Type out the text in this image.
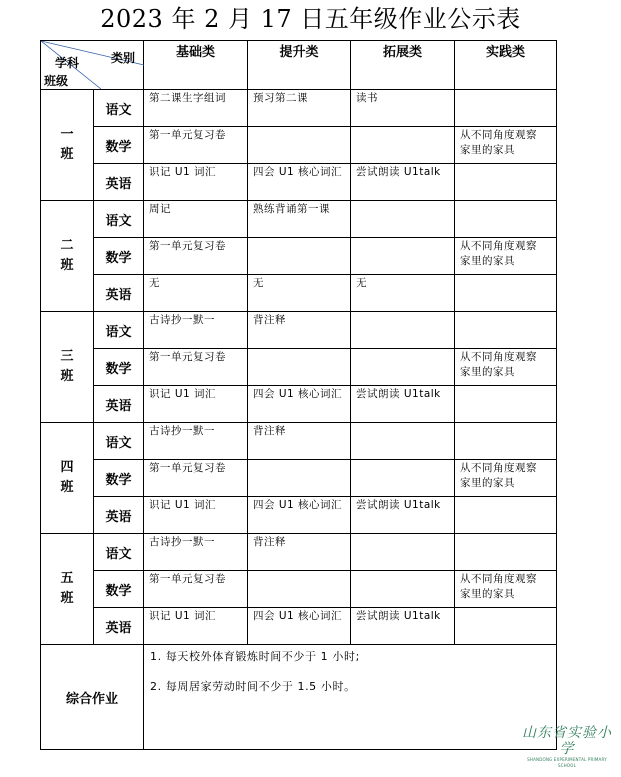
2023 年 2 月 17 日五年级作业公示表
类别
学科
班级		基础类	提升类	拓展类	实践类

一
班	语文	第二课生字组词	预习第二课	读书	
	数学	第一单元复习卷			从不同角度观察
家里的家具
	英语	识记 U1 词汇	四会 U1 核心词汇	尝试朗读 U1talk	

二
班	语文	周记	熟练背诵第一课		
	数学	第一单元复习卷			从不同角度观察
家里的家具
	英语	无	无	无	

三
班	语文	古诗抄一默一	背注释		
	数学	第一单元复习卷			从不同角度观察
家里的家具
	英语	识记 U1 词汇	四会 U1 核心词汇	尝试朗读 U1talk	

四
班	语文	古诗抄一默一	背注释		
	数学	第一单元复习卷			从不同角度观察
家里的家具
	英语	识记 U1 词汇	四会 U1 核心词汇	尝试朗读 U1talk	

五
班	语文	古诗抄一默一	背注释		
	数学	第一单元复习卷			从不同角度观察
家里的家具
	英语	识记 U1 词汇	四会 U1 核心词汇	尝试朗读 U1talk	
综合作业		1. 每天校外体育锻炼时间不少于 1 小时;

2. 每周居家劳动时间不少于 1.5 小时。			

山东省实验小学
SHANDONG EXPERIMENTAL PRIMARY SCHOOL
